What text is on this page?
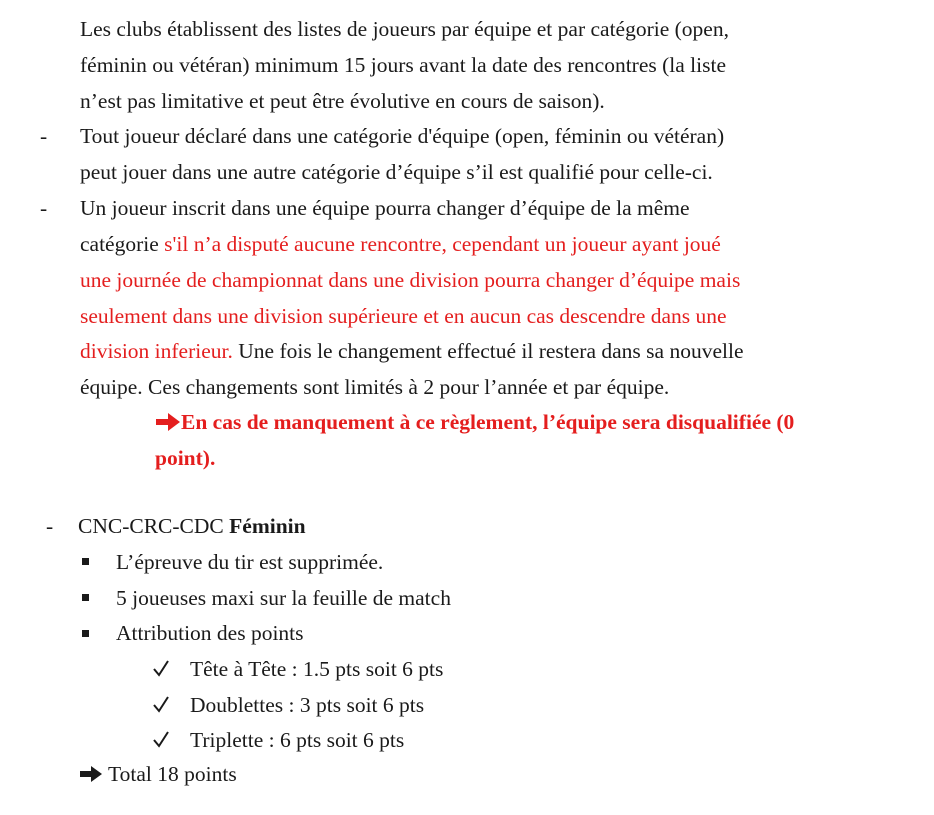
Les clubs établissent des listes de joueurs par équipe et par catégorie (open,
féminin ou vétéran) minimum 15 jours avant la date des rencontres (la liste
n’est pas limitative et peut être évolutive en cours de saison).
- Tout joueur déclaré dans une catégorie d'équipe (open, féminin ou vétéran)
peut jouer dans une autre catégorie d’équipe s’il est qualifié pour celle-ci.
- Un joueur inscrit dans une équipe pourra changer d’équipe de la même
catégorie s'il n’a disputé aucune rencontre, cependant un joueur ayant joué
une journée de championnat dans une division pourra changer d’équipe mais
seulement dans une division supérieure et en aucun cas descendre dans une
division inferieur. Une fois le changement effectué il restera dans sa nouvelle
équipe. Ces changements sont limités à 2 pour l’année et par équipe.
En cas de manquement à ce règlement, l’équipe sera disqualifiée (0
point).
- CNC-CRC-CDC Féminin
L’épreuve du tir est supprimée.
5 joueuses maxi sur la feuille de match
Attribution des points
Tête à Tête : 1.5 pts soit 6 pts
Doublettes : 3 pts soit 6 pts
Triplette : 6 pts soit 6 pts
Total 18 points
